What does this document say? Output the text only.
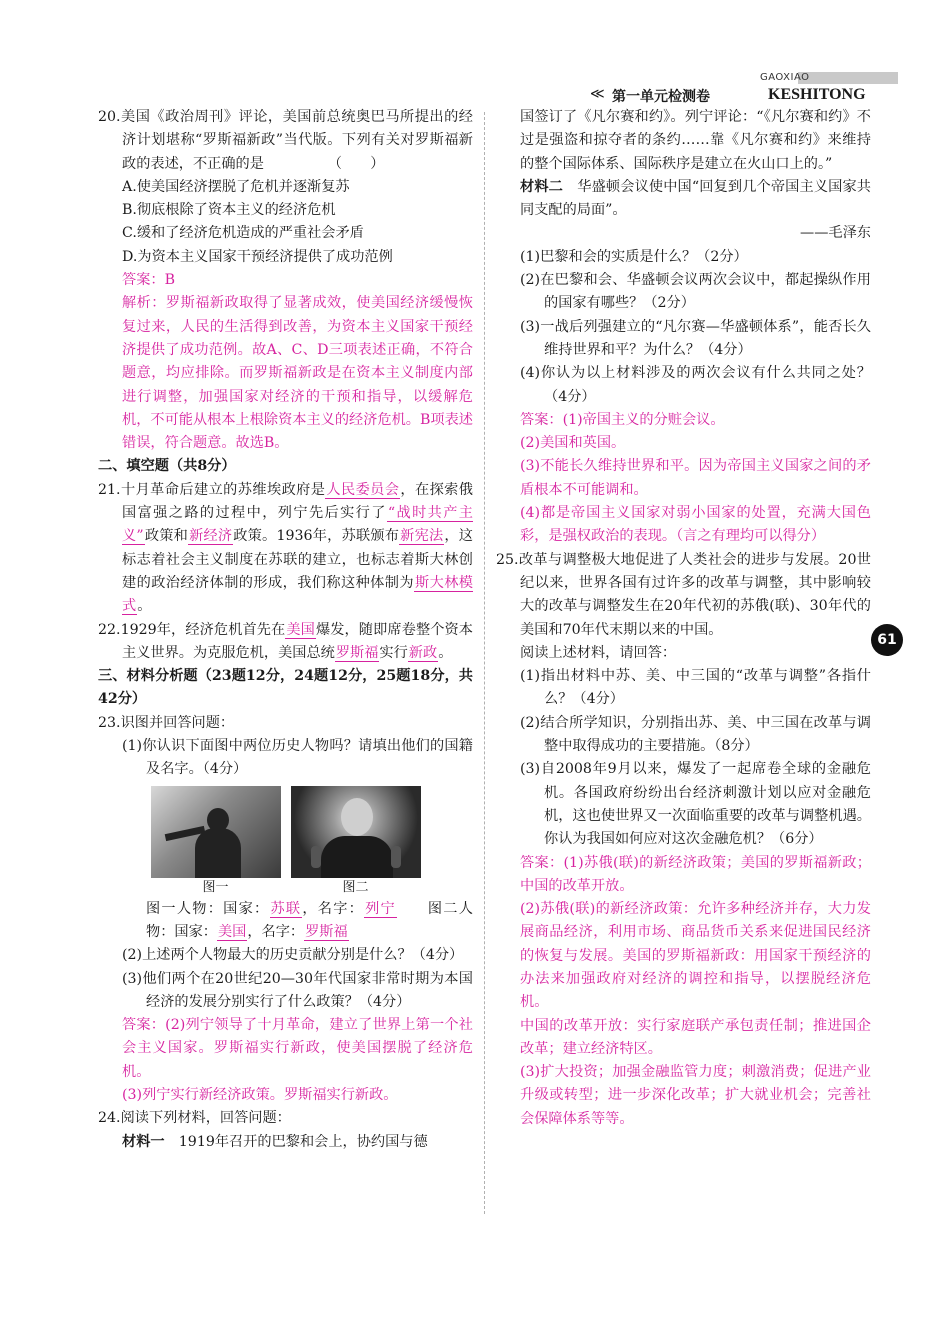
GAOXIAO
≪ 第一单元检测卷	KESHITONG
61

20.美国《政治周刊》评论，美国前总统奥巴马所提出的经济计划堪称“罗斯福新政”当代版。下列有关对罗斯福新政的表述，不正确的是　　　　　（　　）

A.使美国经济摆脱了危机并逐渐复苏

B.彻底根除了资本主义的经济危机

C.缓和了经济危机造成的严重社会矛盾

D.为资本主义国家干预经济提供了成功范例

答案：B

解析：罗斯福新政取得了显著成效，使美国经济缓慢恢复过来，人民的生活得到改善，为资本主义国家干预经济提供了成功范例。故A、C、D三项表述正确，不符合题意，均应排除。而罗斯福新政是在资本主义制度内部进行调整，加强国家对经济的干预和指导，以缓解危机，不可能从根本上根除资本主义的经济危机。B项表述错误，符合题意。故选B。

二、填空题（共8分）

21.十月革命后建立的苏维埃政府是人民委员会，在探索俄国富强之路的过程中，列宁先后实行了“战时共产主义”政策和新经济政策。1936年，苏联颁布新宪法，这标志着社会主义制度在苏联的建立，也标志着斯大林创建的政治经济体制的形成，我们称这种体制为斯大林模式。

22.1929年，经济危机首先在美国爆发，随即席卷整个资本主义世界。为克服危机，美国总统罗斯福实行新政。

三、材料分析题（23题12分，24题12分，25题18分，共42分）

23.识图并回答问题：

(1)你认识下面图中两位历史人物吗？请填出他们的国籍及名字。（4分）

图一	图二

图一人物：国家：苏联，名字：列宁　　图二人物：国家：美国，名字：罗斯福

(2)上述两个人物最大的历史贡献分别是什么？（4分）

(3)他们两个在20世纪20—30年代国家非常时期为本国经济的发展分别实行了什么政策？（4分）

答案：(2)列宁领导了十月革命，建立了世界上第一个社会主义国家。罗斯福实行新政，使美国摆脱了经济危机。

(3)列宁实行新经济政策。罗斯福实行新政。

24.阅读下列材料，回答问题：

材料一　1919年召开的巴黎和会上，协约国与德

国签订了《凡尔赛和约》。列宁评论：“《凡尔赛和约》不过是强盗和掠夺者的条约……靠《凡尔赛和约》来维持的整个国际体系、国际秩序是建立在火山口上的。”

材料二　华盛顿会议使中国“回复到几个帝国主义国家共同支配的局面”。

——毛泽东

(1)巴黎和会的实质是什么？（2分）

(2)在巴黎和会、华盛顿会议两次会议中，都起操纵作用的国家有哪些？（2分）

(3)一战后列强建立的“凡尔赛—华盛顿体系”，能否长久维持世界和平？为什么？（4分）

(4)你认为以上材料涉及的两次会议有什么共同之处？（4分）

答案：(1)帝国主义的分赃会议。

(2)美国和英国。

(3)不能长久维持世界和平。因为帝国主义国家之间的矛盾根本不可能调和。

(4)都是帝国主义国家对弱小国家的处置，充满大国色彩，是强权政治的表现。（言之有理均可以得分）

25.改革与调整极大地促进了人类社会的进步与发展。20世纪以来，世界各国有过许多的改革与调整，其中影响较大的改革与调整发生在20年代初的苏俄(联)、30年代的美国和70年代末期以来的中国。

阅读上述材料，请回答：

(1)指出材料中苏、美、中三国的“改革与调整”各指什么？（4分）

(2)结合所学知识，分别指出苏、美、中三国在改革与调整中取得成功的主要措施。（8分）

(3)自2008年9月以来，爆发了一起席卷全球的金融危机。各国政府纷纷出台经济刺激计划以应对金融危机，这也使世界又一次面临重要的改革与调整机遇。你认为我国如何应对这次金融危机？（6分）

答案：(1)苏俄(联)的新经济政策；美国的罗斯福新政；中国的改革开放。

(2)苏俄(联)的新经济政策：允许多种经济并存，大力发展商品经济，利用市场、商品货币关系来促进国民经济的恢复与发展。美国的罗斯福新政：用国家干预经济的办法来加强政府对经济的调控和指导，以摆脱经济危机。

中国的改革开放：实行家庭联产承包责任制；推进国企改革；建立经济特区。

(3)扩大投资；加强金融监管力度；刺激消费；促进产业升级或转型；进一步深化改革；扩大就业机会；完善社会保障体系等等。
